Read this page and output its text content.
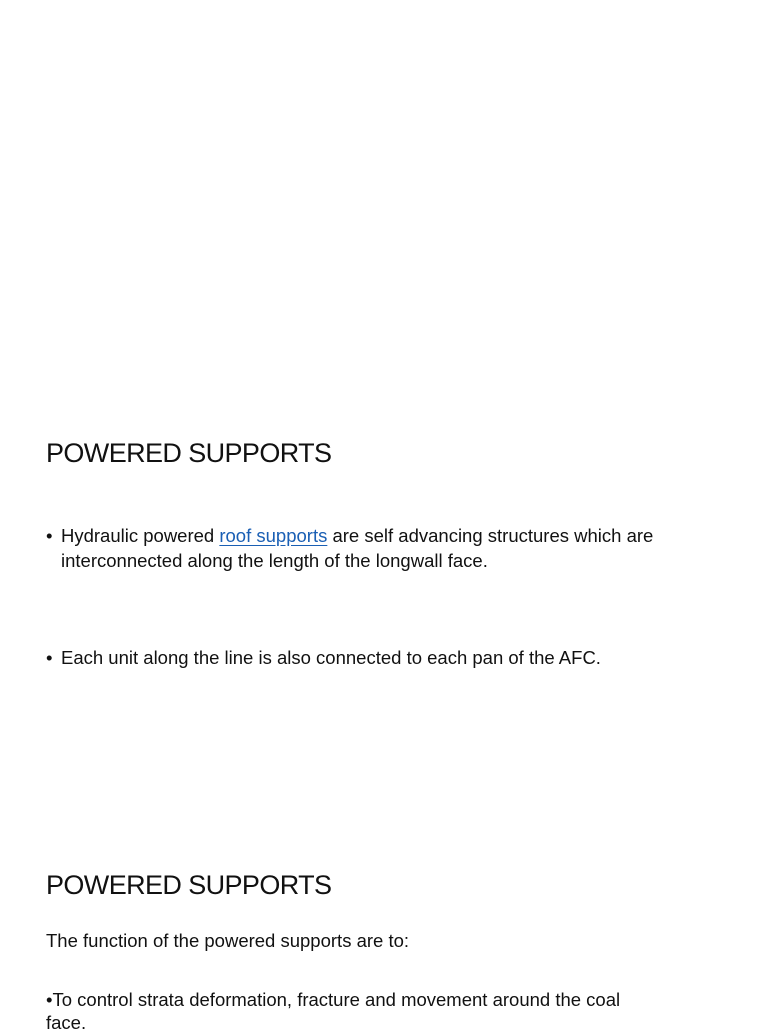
POWERED SUPPORTS
• Hydraulic powered roof supports are self advancing structures which are

interconnected along the length of the longwall face.

• Each unit along the line is also connected to each pan of the AFC.

POWERED SUPPORTS

The function of the powered supports are to:

•To control strata deformation, fracture and movement around the coal

face.
